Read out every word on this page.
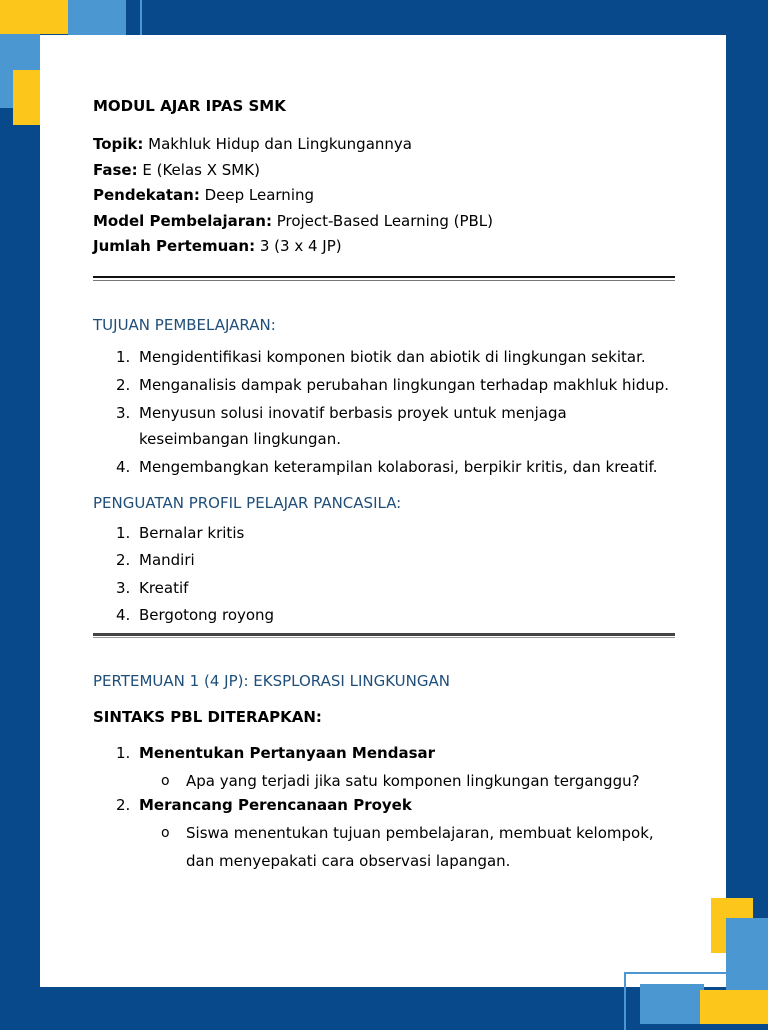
MODUL AJAR IPAS SMK
Topik: Makhluk Hidup dan Lingkungannya
Fase: E (Kelas X SMK)
Pendekatan: Deep Learning
Model Pembelajaran: Project-Based Learning (PBL)
Jumlah Pertemuan: 3 (3 x 4 JP)
TUJUAN PEMBELAJARAN:
1. Mengidentifikasi komponen biotik dan abiotik di lingkungan sekitar.
2. Menganalisis dampak perubahan lingkungan terhadap makhluk hidup.
3. Menyusun solusi inovatif berbasis proyek untuk menjaga keseimbangan lingkungan.
4. Mengembangkan keterampilan kolaborasi, berpikir kritis, dan kreatif.
PENGUATAN PROFIL PELAJAR PANCASILA:
1. Bernalar kritis
2. Mandiri
3. Kreatif
4. Bergotong royong
PERTEMUAN 1 (4 JP): EKSPLORASI LINGKUNGAN
SINTAKS PBL DITERAPKAN:
1. Menentukan Pertanyaan Mendasar
o Apa yang terjadi jika satu komponen lingkungan terganggu?
2. Merancang Perencanaan Proyek
o Siswa menentukan tujuan pembelajaran, membuat kelompok, dan menyepakati cara observasi lapangan.
